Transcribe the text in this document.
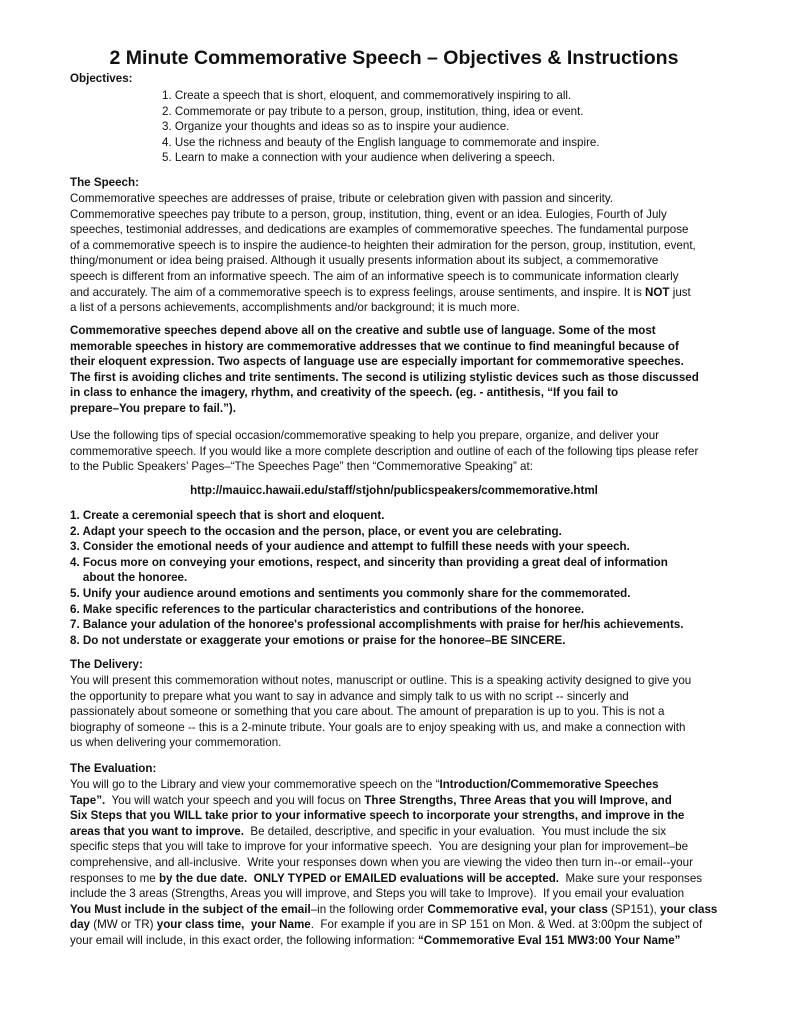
2 Minute Commemorative Speech – Objectives & Instructions
Objectives:
1. Create a speech that is short, eloquent, and commemoratively inspiring to all.
2. Commemorate or pay tribute to a person, group, institution, thing, idea or event.
3. Organize your thoughts and ideas so as to inspire your audience.
4. Use the richness and beauty of the English language to commemorate and inspire.
5. Learn to make a connection with your audience when delivering a speech.
The Speech:
Commemorative speeches are addresses of praise, tribute or celebration given with passion and sincerity.
Commemorative speeches pay tribute to a person, group, institution, thing, event or an idea. Eulogies, Fourth of July
speeches, testimonial addresses, and dedications are examples of commemorative speeches. The fundamental purpose
of a commemorative speech is to inspire the audience-to heighten their admiration for the person, group, institution, event,
thing/monument or idea being praised. Although it usually presents information about its subject, a commemorative
speech is different from an informative speech. The aim of an informative speech is to communicate information clearly
and accurately. The aim of a commemorative speech is to express feelings, arouse sentiments, and inspire. It is NOT just
a list of a persons achievements, accomplishments and/or background; it is much more.
Commemorative speeches depend above all on the creative and subtle use of language. Some of the most
memorable speeches in history are commemorative addresses that we continue to find meaningful because of
their eloquent expression. Two aspects of language use are especially important for commemorative speeches.
The first is avoiding cliches and trite sentiments. The second is utilizing stylistic devices such as those discussed
in class to enhance the imagery, rhythm, and creativity of the speech. (eg. - antithesis, “If you fail to
prepare–You prepare to fail.”).
Use the following tips of special occasion/commemorative speaking to help you prepare, organize, and deliver your
commemorative speech. If you would like a more complete description and outline of each of the following tips please refer
to the Public Speakers’ Pages–“The Speeches Page” then “Commemorative Speaking” at:
http://mauicc.hawaii.edu/staff/stjohn/publicspeakers/commemorative.html
1. Create a ceremonial speech that is short and eloquent.
2. Adapt your speech to the occasion and the person, place, or event you are celebrating.
3. Consider the emotional needs of your audience and attempt to fulfill these needs with your speech.
4. Focus more on conveying your emotions, respect, and sincerity than providing a great deal of information
about the honoree.
5. Unify your audience around emotions and sentiments you commonly share for the commemorated.
6. Make specific references to the particular characteristics and contributions of the honoree.
7. Balance your adulation of the honoree's professional accomplishments with praise for her/his achievements.
8. Do not understate or exaggerate your emotions or praise for the honoree–BE SINCERE.
The Delivery:
You will present this commemoration without notes, manuscript or outline. This is a speaking activity designed to give you
the opportunity to prepare what you want to say in advance and simply talk to us with no script -- sincerly and
passionately about someone or something that you care about. The amount of preparation is up to you. This is not a
biography of someone -- this is a 2-minute tribute. Your goals are to enjoy speaking with us, and make a connection with
us when delivering your commemoration.
The Evaluation:
You will go to the Library and view your commemorative speech on the “Introduction/Commemorative Speeches
Tape”.  You will watch your speech and you will focus on Three Strengths, Three Areas that you will Improve, and
Six Steps that you WILL take prior to your informative speech to incorporate your strengths, and improve in the
areas that you want to improve.  Be detailed, descriptive, and specific in your evaluation.  You must include the six
specific steps that you will take to improve for your informative speech.  You are designing your plan for improvement–be
comprehensive, and all-inclusive.  Write your responses down when you are viewing the video then turn in--or email--your
responses to me by the due date.  ONLY TYPED or EMAILED evaluations will be accepted.  Make sure your responses
include the 3 areas (Strengths, Areas you will improve, and Steps you will take to Improve).  If you email your evaluation
You Must include in the subject of the email–in the following order Commemorative eval, your class (SP151), your class
day (MW or TR) your class time,  your Name.  For example if you are in SP 151 on Mon. & Wed. at 3:00pm the subject of
your email will include, in this exact order, the following information: “Commemorative Eval 151 MW3:00 Your Name”
